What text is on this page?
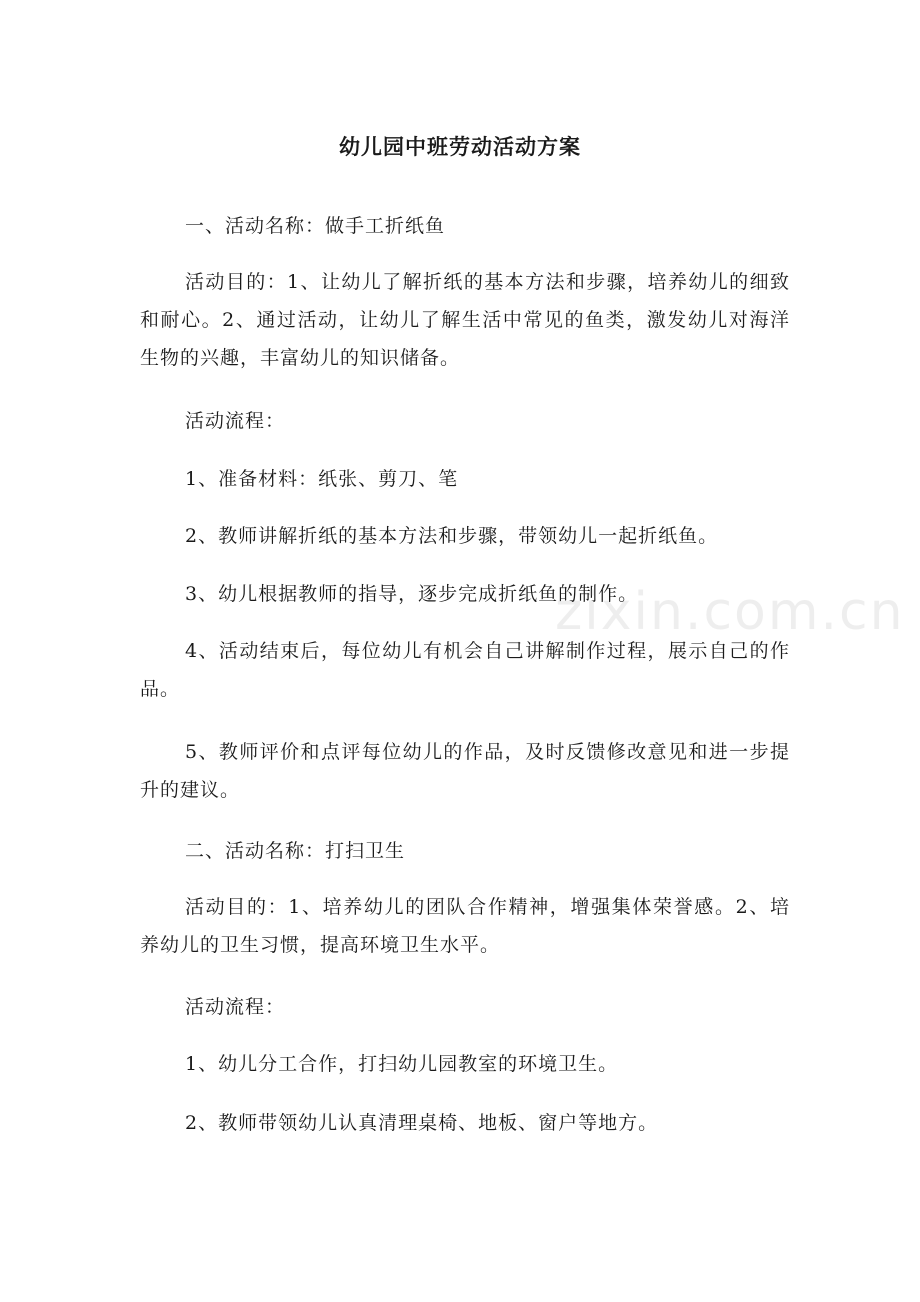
幼儿园中班劳动活动方案

一、活动名称：做手工折纸鱼

活动目的：1、让幼儿了解折纸的基本方法和步骤，培养幼儿的细致和耐心。2、通过活动，让幼儿了解生活中常见的鱼类，激发幼儿对海洋生物的兴趣，丰富幼儿的知识储备。

活动流程：

1、准备材料：纸张、剪刀、笔

2、教师讲解折纸的基本方法和步骤，带领幼儿一起折纸鱼。

3、幼儿根据教师的指导，逐步完成折纸鱼的制作。

4、活动结束后，每位幼儿有机会自己讲解制作过程，展示自己的作品。

5、教师评价和点评每位幼儿的作品，及时反馈修改意见和进一步提升的建议。

二、活动名称：打扫卫生

活动目的：1、培养幼儿的团队合作精神，增强集体荣誉感。2、培养幼儿的卫生习惯，提高环境卫生水平。

活动流程：

1、幼儿分工合作，打扫幼儿园教室的环境卫生。

2、教师带领幼儿认真清理桌椅、地板、窗户等地方。

zixin.com.cn
